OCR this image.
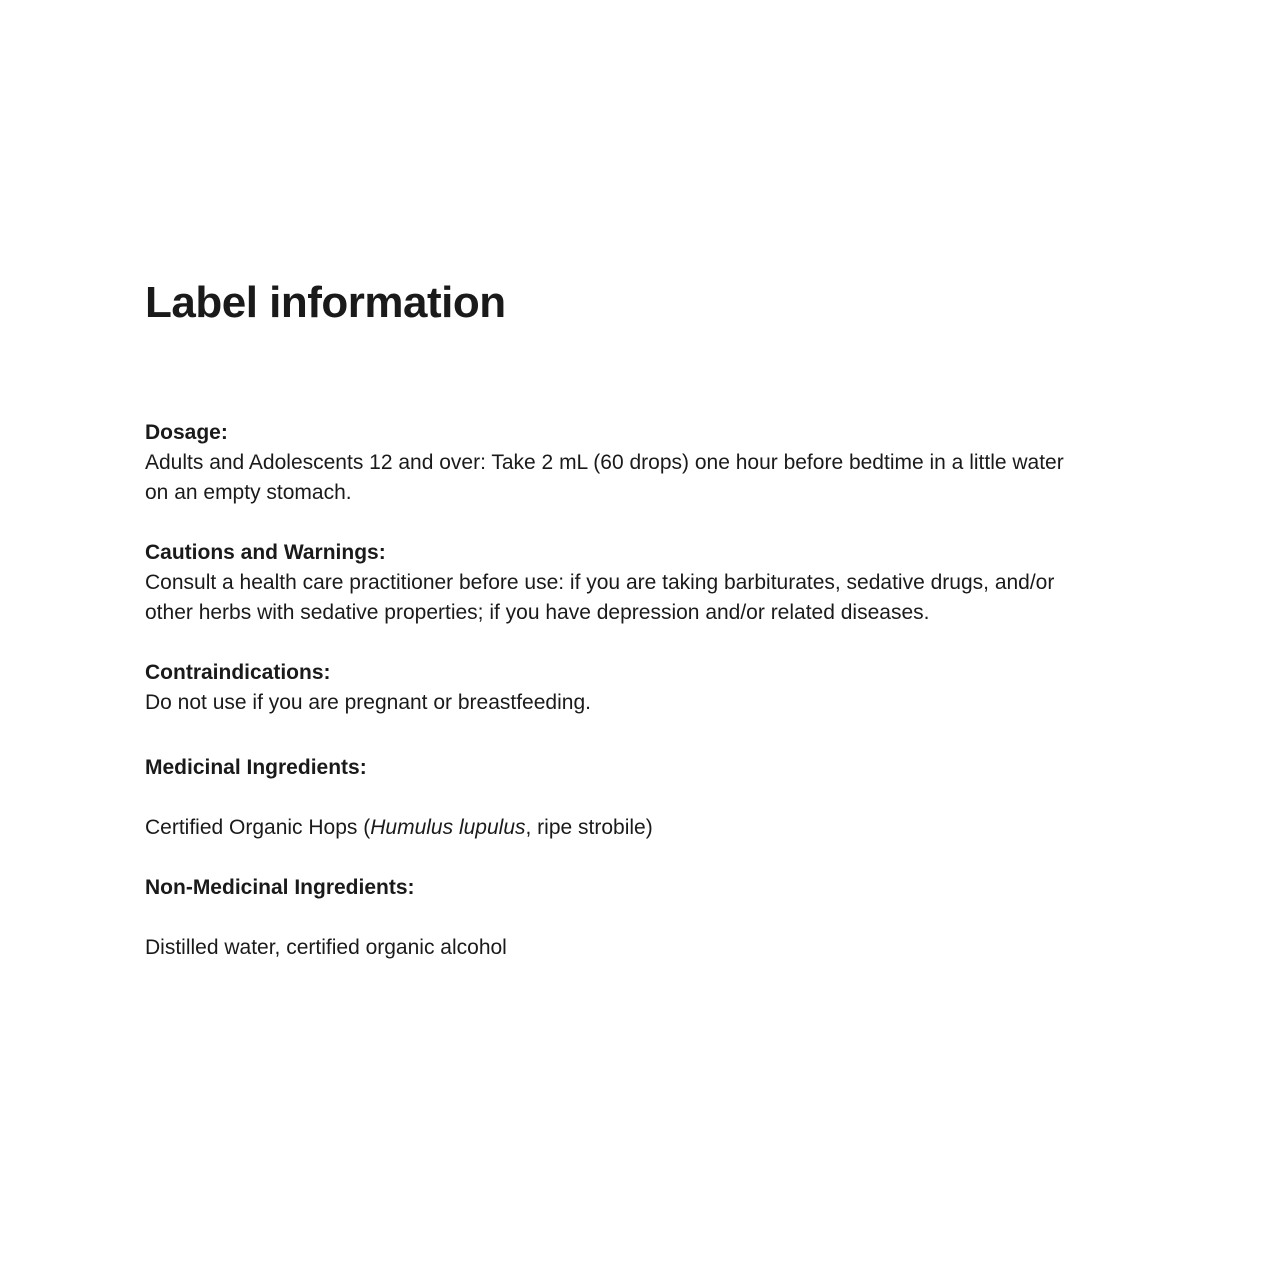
Label information

Dosage:

Adults and Adolescents 12 and over: Take 2 mL (60 drops) one hour before bedtime in a little water

on an empty stomach.

Cautions and Warnings:

Consult a health care practitioner before use: if you are taking barbiturates, sedative drugs, and/or

other herbs with sedative properties; if you have depression and/or related diseases.

Contraindications:

Do not use if you are pregnant or breastfeeding.

Medicinal Ingredients:

Certified Organic Hops (Humulus lupulus, ripe strobile)

Non-Medicinal Ingredients:

Distilled water, certified organic alcohol
